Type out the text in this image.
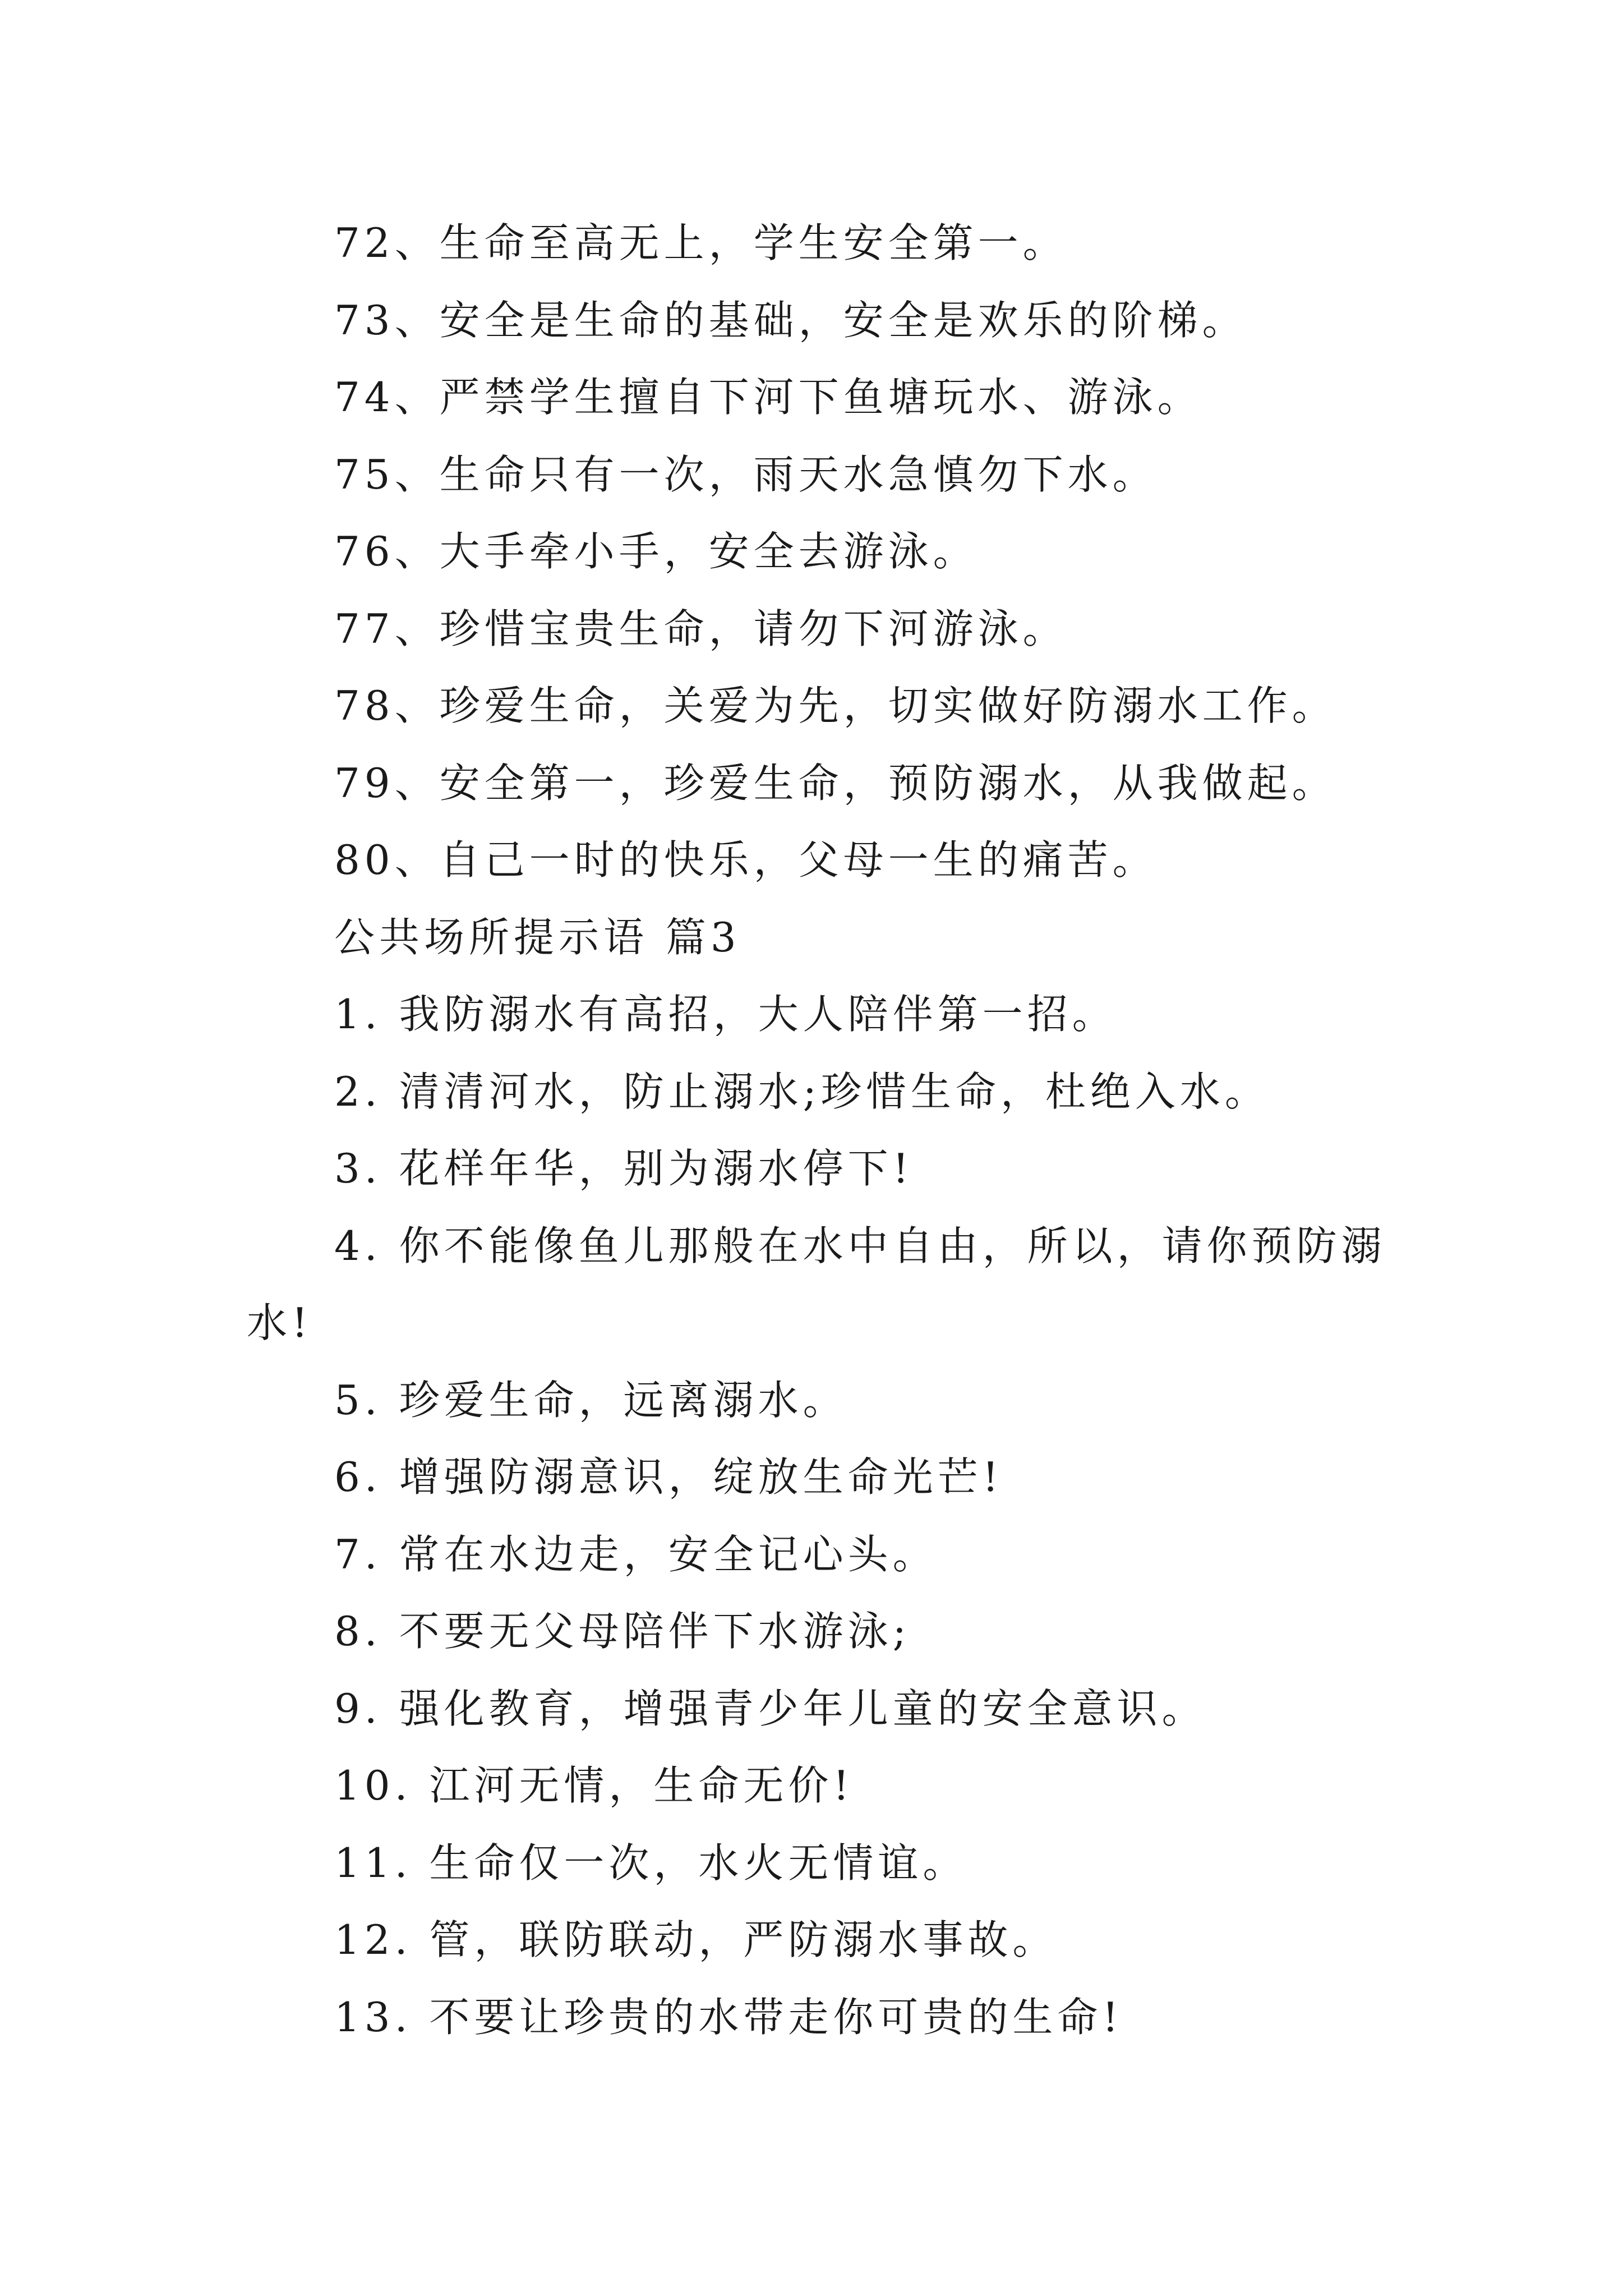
72、生命至高无上，学生安全第一。
73、安全是生命的基础，安全是欢乐的阶梯。
74、严禁学生擅自下河下鱼塘玩水、游泳。
75、生命只有一次，雨天水急慎勿下水。
76、大手牵小手，安全去游泳。
77、珍惜宝贵生命，请勿下河游泳。
78、珍爱生命，关爱为先，切实做好防溺水工作。
79、安全第一，珍爱生命，预防溺水，从我做起。
80、自己一时的快乐，父母一生的痛苦。
公共场所提示语 篇3
1. 我防溺水有高招，大人陪伴第一招。
2. 清清河水，防止溺水;珍惜生命，杜绝入水。
3. 花样年华，别为溺水停下!
4. 你不能像鱼儿那般在水中自由，所以，请你预防溺
水!
5. 珍爱生命，远离溺水。
6. 增强防溺意识，绽放生命光芒!
7. 常在水边走，安全记心头。
8. 不要无父母陪伴下水游泳;
9. 强化教育，增强青少年儿童的安全意识。
10. 江河无情，生命无价!
11. 生命仅一次，水火无情谊。
12. 管，联防联动，严防溺水事故。
13. 不要让珍贵的水带走你可贵的生命!
